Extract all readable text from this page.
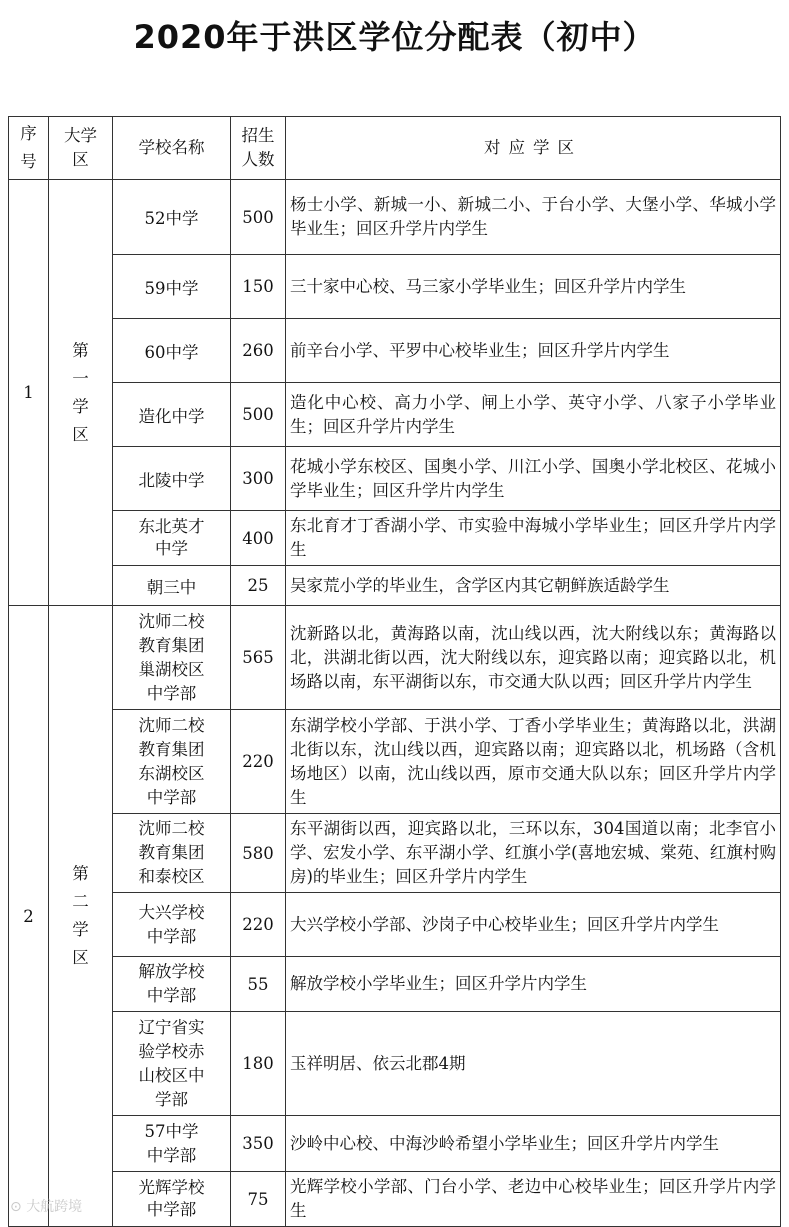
2020年于洪区学位分配表（初中）
序号	大学区	学校名称	招生人数	对应学区
1	第一学区	52中学	500	杨士小学、新城一小、新城二小、于台小学、大堡小学、华城小学毕业生；回区升学片内学生
		59中学	150	三十家中心校、马三家小学毕业生；回区升学片内学生
		60中学	260	前辛台小学、平罗中心校毕业生；回区升学片内学生
		造化中学	500	造化中心校、高力小学、闸上小学、英守小学、八家子小学毕业生；回区升学片内学生
		北陵中学	300	花城小学东校区、国奥小学、川江小学、国奥小学北校区、花城小学毕业生；回区升学片内学生

		东北英才中学	400	东北育才丁香湖小学、市实验中海城小学毕业生；回区升学片内学生
		朝三中	25	吴家荒小学的毕业生，含学区内其它朝鲜族适龄学生
2	第二学区	沈师二校教育集团巢湖校区中学部	565	沈新路以北，黄海路以南，沈山线以西，沈大附线以东；黄海路以北，洪湖北街以西，沈大附线以东，迎宾路以南；迎宾路以北，机场路以南，东平湖街以东，市交通大队以西；回区升学片内学生

		沈师二校教育集团东湖校区中学部	220	东湖学校小学部、于洪小学、丁香小学毕业生；黄海路以北，洪湖北街以东，沈山线以西，迎宾路以南；迎宾路以北，机场路（含机场地区）以南，沈山线以西，原市交通大队以东；回区升学片内学生

		沈师二校教育集团和泰校区	580	东平湖街以西，迎宾路以北，三环以东，304国道以南；北李官小学、宏发小学、东平湖小学、红旗小学(喜地宏城、棠苑、红旗村购房)的毕业生；回区升学片内学生

		大兴学校中学部	220	大兴学校小学部、沙岗子中心校毕业生；回区升学片内学生

		解放学校中学部	55	解放学校小学毕业生；回区升学片内学生

		辽宁省实验学校赤山校区中学部	180	玉祥明居、依云北郡4期

		57中学中学部	350	沙岭中心校、中海沙岭希望小学毕业生；回区升学片内学生

		光辉学校中学部	75	光辉学校小学部、门台小学、老边中心校毕业生；回区升学片内学生
⊙ 大航跨境
